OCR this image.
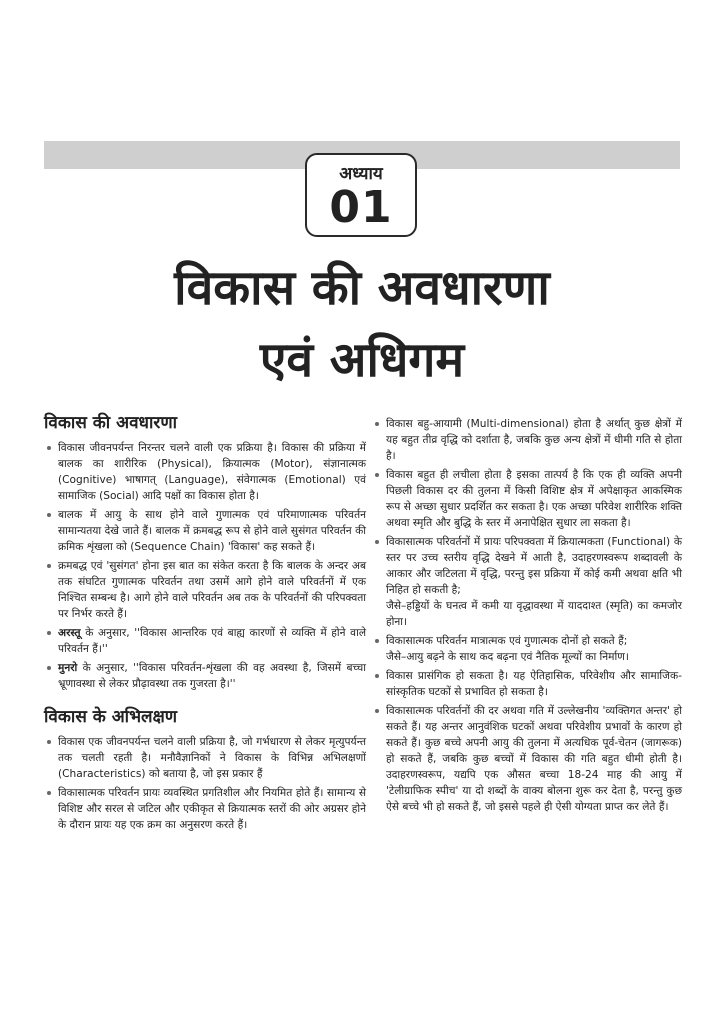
अध्याय
01
विकास की अवधारणा
एवं अधिगम
विकास की अवधारणा
विकास जीवनपर्यन्त निरन्तर चलने वाली एक प्रक्रिया है। विकास की प्रक्रिया में बालक का शारीरिक (Physical), क्रियात्मक (Motor), संज्ञानात्मक (Cognitive) भाषागत् (Language), संवेगात्मक (Emotional) एवं सामाजिक (Social) आदि पक्षों का विकास होता है।
बालक में आयु के साथ होने वाले गुणात्मक एवं परिमाणात्मक परिवर्तन सामान्यतया देखे जाते हैं। बालक में क्रमबद्ध रूप से होने वाले सुसंगत परिवर्तन की क्रमिक शृंखला को (Sequence Chain) 'विकास' कह सकते हैं।
क्रमबद्ध एवं 'सुसंगत' होना इस बात का संकेत करता है कि बालक के अन्दर अब तक संघटित गुणात्मक परिवर्तन तथा उसमें आगे होने वाले परिवर्तनों में एक निश्चित सम्बन्ध है। आगे होने वाले परिवर्तन अब तक के परिवर्तनों की परिपक्वता पर निर्भर करते हैं।
अरस्तू के अनुसार, ''विकास आन्तरिक एवं बाह्य कारणों से व्यक्ति में होने वाले परिवर्तन हैं।''
मुनरो के अनुसार, ''विकास परिवर्तन-शृंखला की वह अवस्था है, जिसमें बच्चा भ्रूणावस्था से लेकर प्रौढ़ावस्था तक गुजरता है।''
विकास के अभिलक्षण
विकास एक जीवनपर्यन्त चलने वाली प्रक्रिया है, जो गर्भधारण से लेकर मृत्युपर्यन्त तक चलती रहती है। मनौवैज्ञानिकों ने विकास के विभिन्न अभिलक्षणों (Characteristics) को बताया है, जो इस प्रकार हैं
विकासात्मक परिवर्तन प्रायः व्यवस्थित प्रगतिशील और नियमित होते हैं। सामान्य से विशिष्ट और सरल से जटिल और एकीकृत से क्रियात्मक स्तरों की ओर अग्रसर होने के दौरान प्रायः यह एक क्रम का अनुसरण करते हैं।
विकास बहु-आयामी (Multi-dimensional) होता है अर्थात् कुछ क्षेत्रों में यह बहुत तीव्र वृद्धि को दर्शाता है, जबकि कुछ अन्य क्षेत्रों में धीमी गति से होता है।
विकास बहुत ही लचीला होता है इसका तात्पर्य है कि एक ही व्यक्ति अपनी पिछली विकास दर की तुलना में किसी विशिष्ट क्षेत्र में अपेक्षाकृत आकस्मिक रूप से अच्छा सुधार प्रदर्शित कर सकता है। एक अच्छा परिवेश शारीरिक शक्ति अथवा स्मृति और बुद्धि के स्तर में अनापेक्षित सुधार ला सकता है।
विकासात्मक परिवर्तनों में प्रायः परिपक्वता में क्रियात्मकता (Functional) के स्तर पर उच्च स्तरीय वृद्धि देखने में आती है, उदाहरणस्वरूप शब्दावली के आकार और जटिलता में वृद्धि, परन्तु इस प्रक्रिया में कोई कमी अथवा क्षति भी निहित हो सकती है;
जैसे–हड्डियों के घनत्व में कमी या वृद्धावस्था में याददाश्त (स्मृति) का कमजोर होना।
विकासात्मक परिवर्तन मात्रात्मक एवं गुणात्मक दोनों हो सकते हैं;
जैसे–आयु बढ़ने के साथ कद बढ़ना एवं नैतिक मूल्यों का निर्माण।
विकास प्रासंगिक हो सकता है। यह ऐतिहासिक, परिवेशीय और सामाजिक-सांस्कृतिक घटकों से प्रभावित हो सकता है।
विकासात्मक परिवर्तनों की दर अथवा गति में उल्लेखनीय 'व्यक्तिगत अन्तर' हो सकते हैं। यह अन्तर आनुवंशिक घटकों अथवा परिवेशीय प्रभावों के कारण हो सकते हैं। कुछ बच्चे अपनी आयु की तुलना में अत्यधिक पूर्व-चेतन (जागरूक) हो सकते हैं, जबकि कुछ बच्चों में विकास की गति बहुत धीमी होती है। उदाहरणस्वरूप, यद्यपि एक औसत बच्चा 18-24 माह की आयु में 'टेलीग्राफिक स्पीच' या दो शब्दों के वाक्य बोलना शुरू कर देता है, परन्तु कुछ ऐसे बच्चे भी हो सकते हैं, जो इससे पहले ही ऐसी योग्यता प्राप्त कर लेते हैं।
